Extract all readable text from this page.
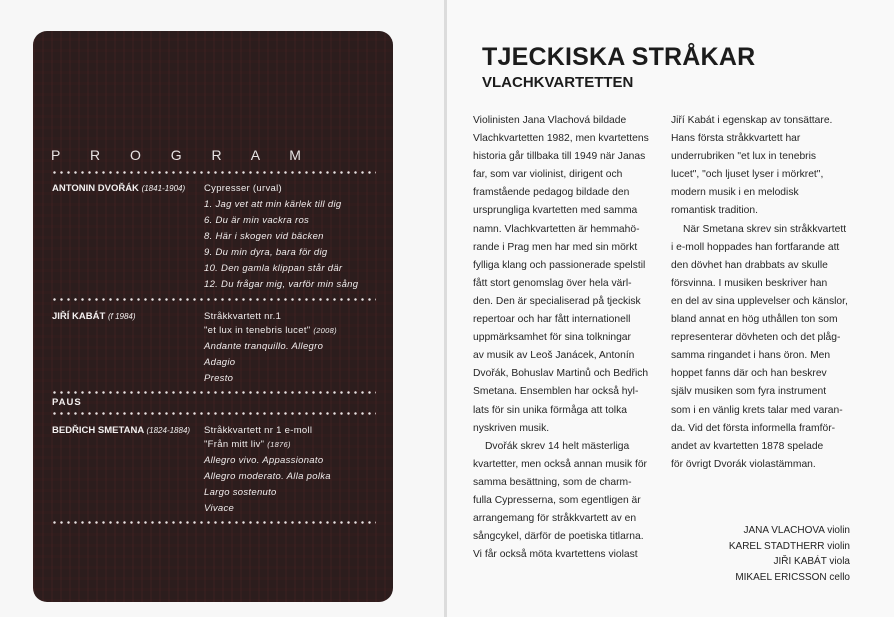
P R O G R A M
ANTONIN DVOŘÁK (1841-1904) Cypresser (urval)
1. Jag vet att min kärlek till dig
6. Du är min vackra ros
8. Här i skogen vid bäcken
9. Du min dyra, bara för dig
10. Den gamla klippan står där
12. Du frågar mig, varför min sång
JIŘÍ KABÁT (f 1984)	Stråkkvartett nr.1
"et lux in tenebris lucet" (2008)
Andante tranquillo. Allegro
Adagio
Presto
PAUS
BEDŘICH SMETANA (1824-1884) Stråkkvartett nr 1 e-moll
"Från mitt liv" (1876)
Allegro vivo. Appassionato
Allegro moderato. Alla polka
Largo sostenuto
Vivace
TJECKISKA STRÅKAR
VLACHKVARTETTEN
Violinisten Jana Vlachová bildade
Vlachkvartetten 1982, men kvartettens
historia går tillbaka till 1949 när Janas
far, som var violinist, dirigent och
framstående pedagog bildade den
ursprungliga kvartetten med samma
namn. Vlachkvartetten är hemmahö-
rande i Prag men har med sin mörkt
fylliga klang och passionerade spelstil
fått stort genomslag över hela värl-
den. Den är specialiserad på tjeckisk
repertoar och har fått internationell
uppmärksamhet för sina tolkningar
av musik av Leoš Janácek, Antonín
Dvořák, Bohuslav Martinů och Bedřich
Smetana. Ensemblen har också hyl-
lats för sin unika förmåga att tolka
nyskriven musik.
Dvořák skrev 14 helt mästerliga
kvartetter, men också annan musik för
samma besättning, som de charm-
fulla Cypresserna, som egentligen är
arrangemang för stråkkvartett av en
sångcykel, därför de poetiska titlarna.
Vi får också möta kvartettens violast
Jiří Kabát i egenskap av tonsättare.
Hans första stråkkvartett har
underrubriken "et lux in tenebris
lucet", "och ljuset lyser i mörkret",
modern musik i en melodisk
romantisk tradition.
När Smetana skrev sin stråkkvartett
i e-moll hoppades han fortfarande att
den dövhet han drabbats av skulle
försvinna. I musiken beskriver han
en del av sina upplevelser och känslor,
bland annat en hög uthållen ton som
representerar dövheten och det plåg-
samma ringandet i hans öron. Men
hoppet fanns där och han beskrev
själv musiken som fyra instrument
som i en vänlig krets talar med varan-
da. Vid det första informella framför-
andet av kvartetten 1878 spelade
för övrigt Dvorák violastämman.
JANA VLACHOVA violin
KAREL STADTHERR violin
JIŘI KABÁT viola
MIKAEL ERICSSON cello
